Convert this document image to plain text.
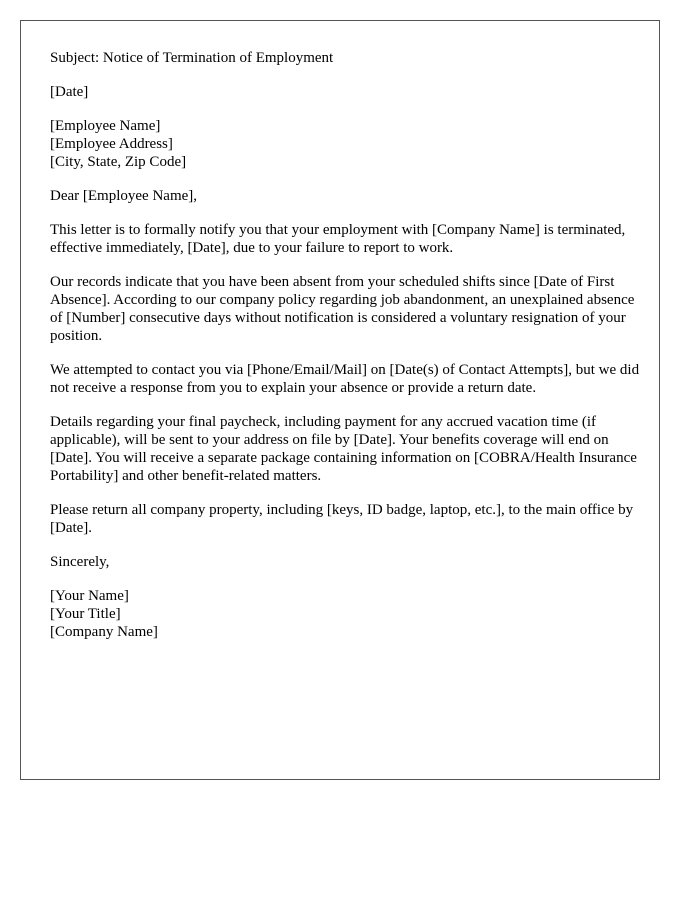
Subject: Notice of Termination of Employment

[Date]

[Employee Name]
[Employee Address]
[City, State, Zip Code]

Dear [Employee Name],

This letter is to formally notify you that your employment with [Company Name] is terminated, effective immediately, [Date], due to your failure to report to work.

Our records indicate that you have been absent from your scheduled shifts since [Date of First Absence]. According to our company policy regarding job abandonment, an unexplained absence of [Number] consecutive days without notification is considered a voluntary resignation of your position.

We attempted to contact you via [Phone/Email/Mail] on [Date(s) of Contact Attempts], but we did not receive a response from you to explain your absence or provide a return date.

Details regarding your final paycheck, including payment for any accrued vacation time (if applicable), will be sent to your address on file by [Date]. Your benefits coverage will end on [Date]. You will receive a separate package containing information on [COBRA/Health Insurance Portability] and other benefit-related matters.

Please return all company property, including [keys, ID badge, laptop, etc.], to the main office by [Date].

Sincerely,

[Your Name]
[Your Title]
[Company Name]
